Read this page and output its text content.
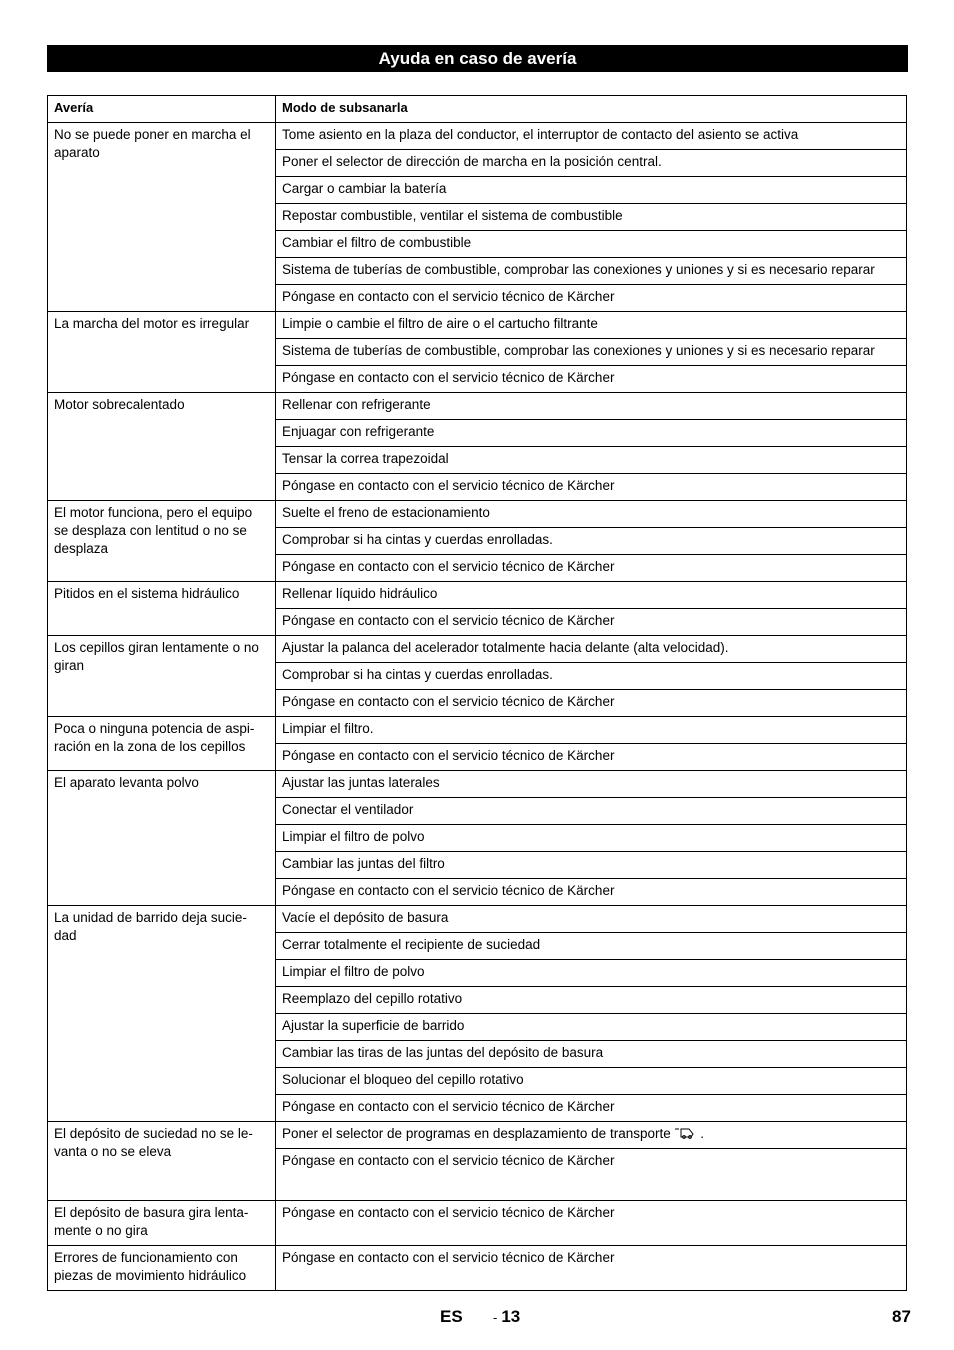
Ayuda en caso de avería
Avería	Modo de subsanarla
No se puede poner en marcha el aparato	Tome asiento en la plaza del conductor, el interruptor de contacto del asiento se activa
	Poner el selector de dirección de marcha en la posición central.
	Cargar o cambiar la batería
	Repostar combustible, ventilar el sistema de combustible
	Cambiar el filtro de combustible
	Sistema de tuberías de combustible, comprobar las conexiones y uniones y si es necesario reparar
	Póngase en contacto con el servicio técnico de Kärcher
La marcha del motor es irregular	Limpie o cambie el filtro de aire o el cartucho filtrante
	Sistema de tuberías de combustible, comprobar las conexiones y uniones y si es necesario reparar
	Póngase en contacto con el servicio técnico de Kärcher
Motor sobrecalentado	Rellenar con refrigerante
	Enjuagar con refrigerante
	Tensar la correa trapezoidal
	Póngase en contacto con el servicio técnico de Kärcher
El motor funciona, pero el equipo se desplaza con lentitud o no se desplaza	Suelte el freno de estacionamiento
	Comprobar si ha cintas y cuerdas enrolladas.
	Póngase en contacto con el servicio técnico de Kärcher
Pitidos en el sistema hidráulico	Rellenar líquido hidráulico
	Póngase en contacto con el servicio técnico de Kärcher
Los cepillos giran lentamente o no giran	Ajustar la palanca del acelerador totalmente hacia delante (alta velocidad).
	Comprobar si ha cintas y cuerdas enrolladas.
	Póngase en contacto con el servicio técnico de Kärcher
Poca o ninguna potencia de aspi-ración en la zona de los cepillos	Limpiar el filtro.
	Póngase en contacto con el servicio técnico de Kärcher
El aparato levanta polvo	Ajustar las juntas laterales
	Conectar el ventilador
	Limpiar el filtro de polvo
	Cambiar las juntas del filtro
	Póngase en contacto con el servicio técnico de Kärcher
La unidad de barrido deja sucie-dad	Vacíe el depósito de basura
	Cerrar totalmente el recipiente de suciedad
	Limpiar el filtro de polvo
	Reemplazo del cepillo rotativo
	Ajustar la superficie de barrido
	Cambiar las tiras de las juntas del depósito de basura
	Solucionar el bloqueo del cepillo rotativo
	Póngase en contacto con el servicio técnico de Kärcher
El depósito de suciedad no se le-vanta o no se eleva	Poner el selector de programas en desplazamiento de transporte  .
	Póngase en contacto con el servicio técnico de Kärcher
El depósito de basura gira lenta-mente o no gira	Póngase en contacto con el servicio técnico de Kärcher
Errores de funcionamiento con piezas de movimiento hidráulico	Póngase en contacto con el servicio técnico de Kärcher
ES - 13	87
